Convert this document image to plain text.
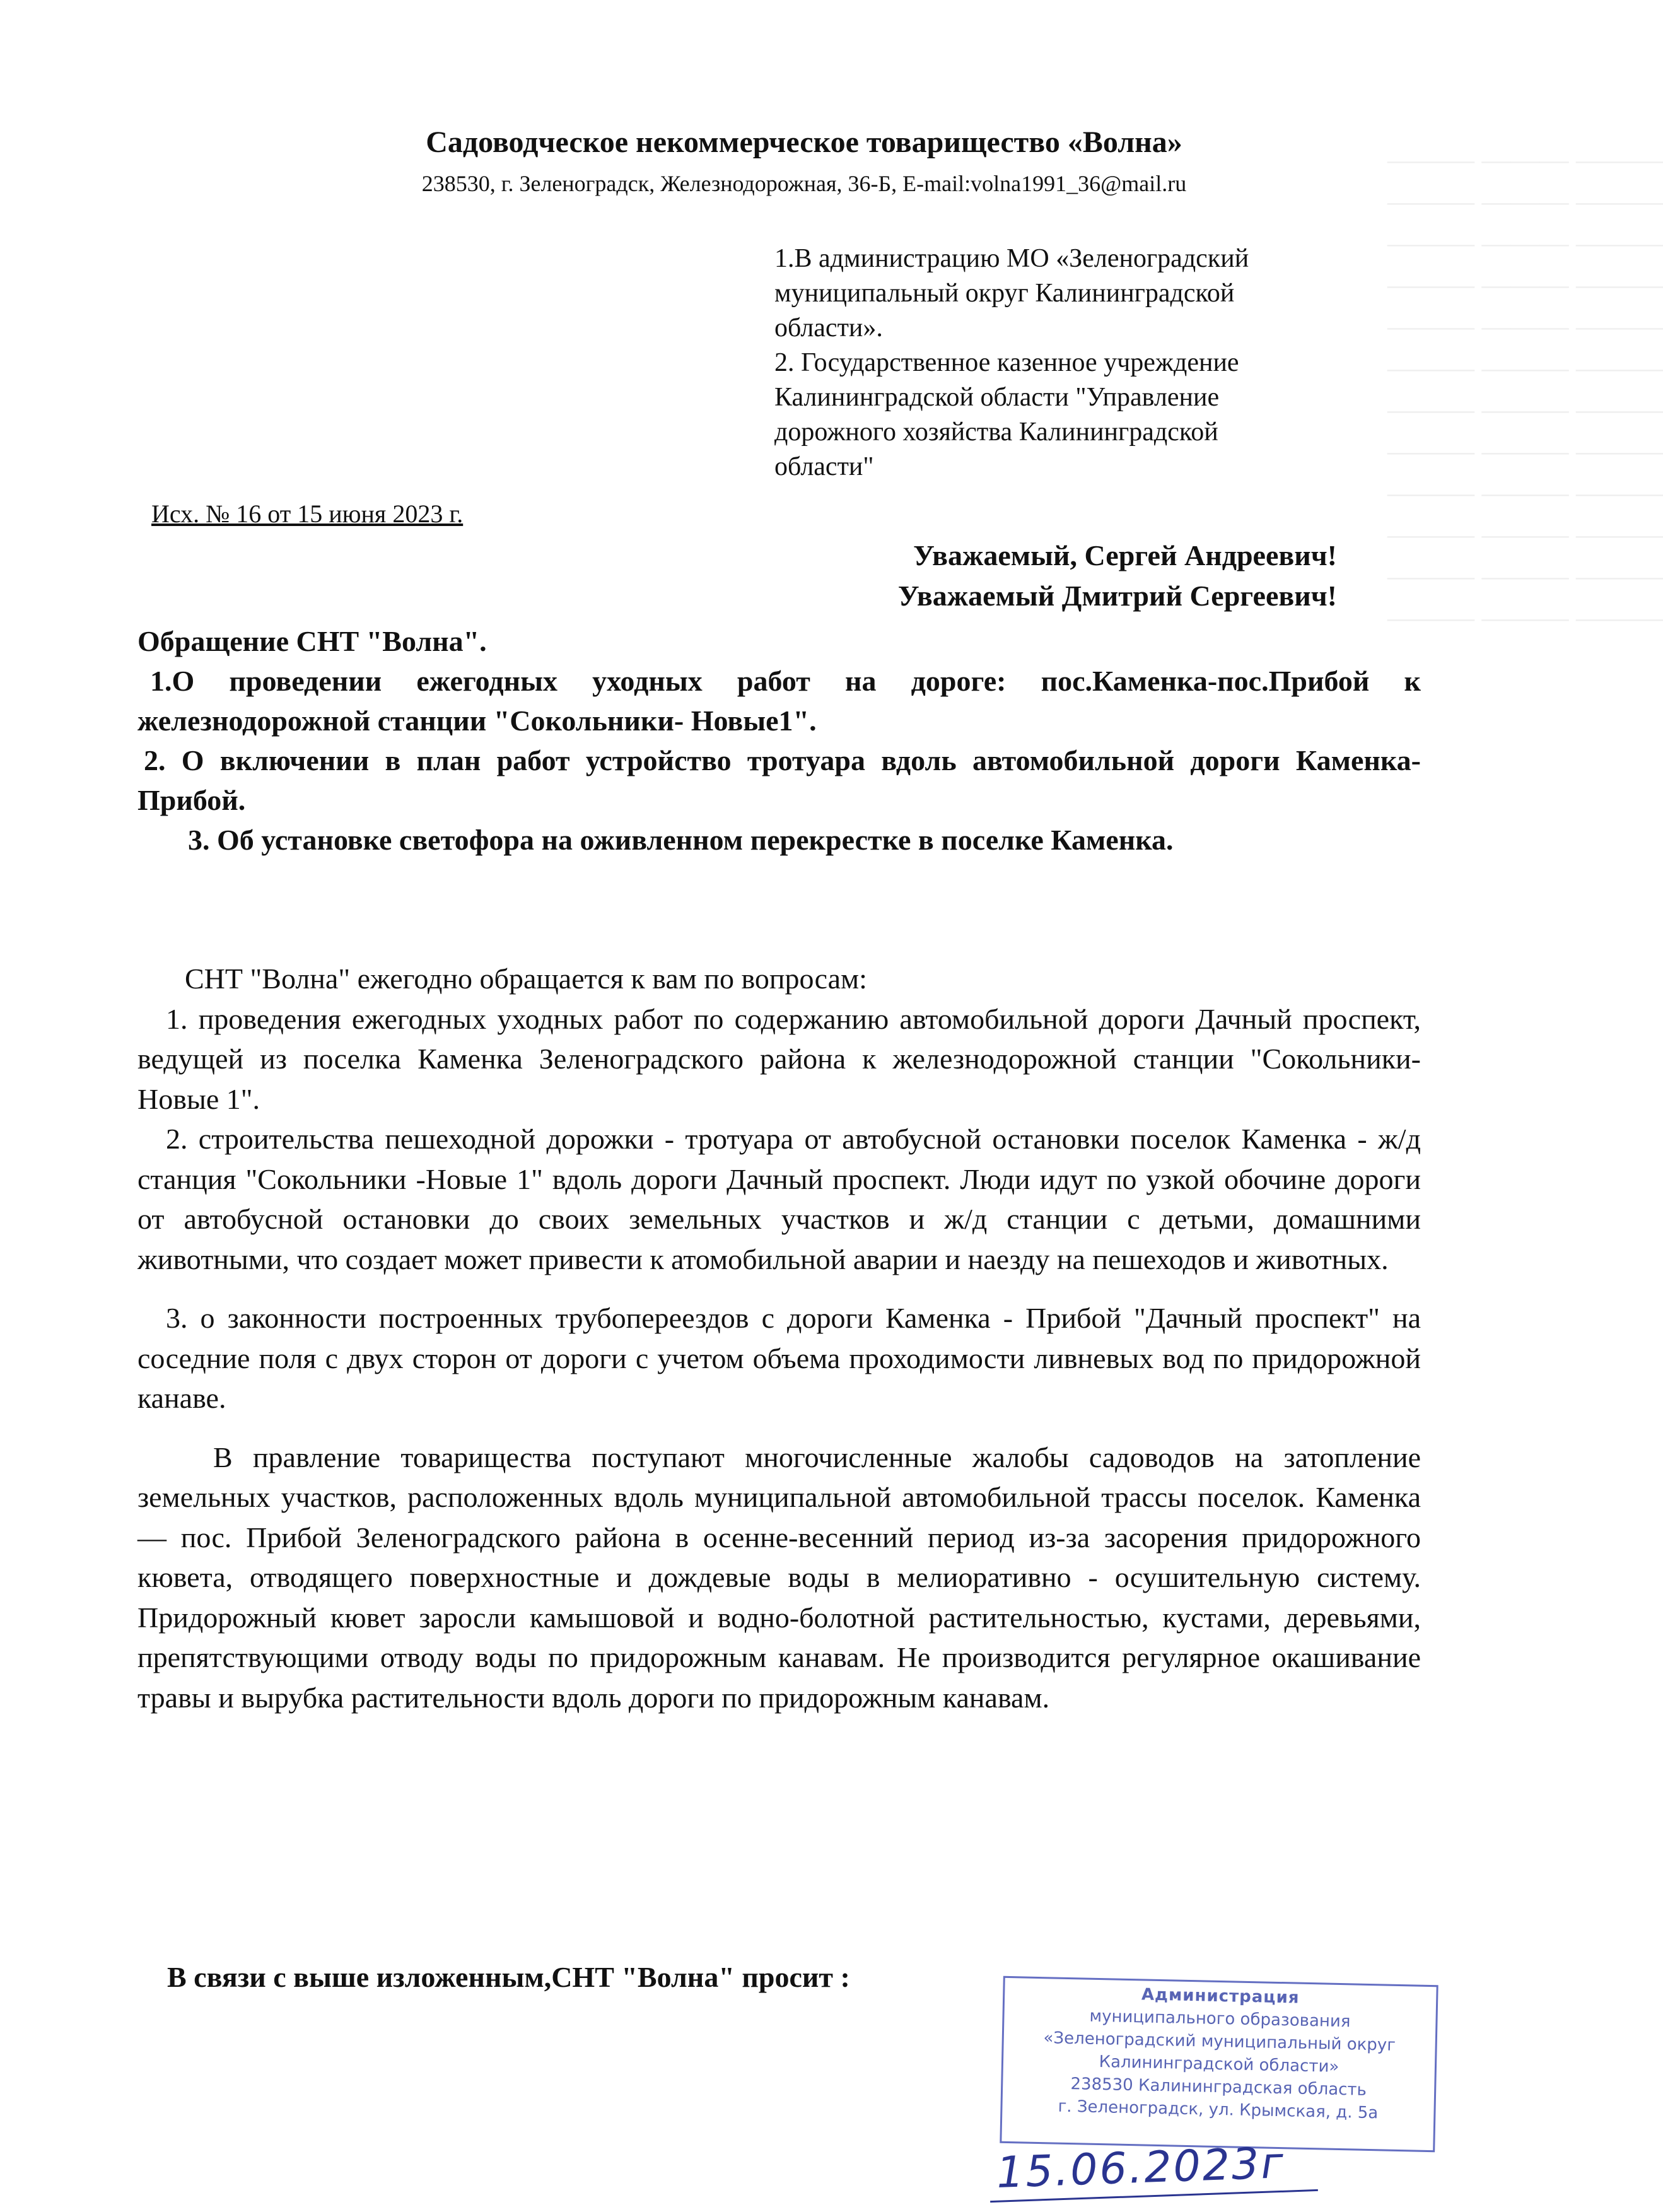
——— ——— ———
——— ——— ———
——— ——— ———
——— ——— ———
——— ——— ———
——— ——— ———
——— ——— ———
——— ——— ———
——— ——— ———
——— ——— ———
——— ——— ———
——— ——— ———
Садоводческое некоммерческое товарищество «Волна»
238530, г. Зеленоградск, Железнодорожная, 36-Б, E-mail:volna1991_36@mail.ru
1.В администрацию МО «Зеленоградский
муниципальный округ Калининградской
области».
2. Государственное казенное учреждение
Калининградской области "Управление
дорожного хозяйства Калининградской
области"
Исх. № 16 от 15 июня 2023 г.
Уважаемый, Сергей Андреевич!
Уважаемый Дмитрий Сергеевич!

Обращение СНТ "Волна".

1.О проведении ежегодных уходных работ на дороге: пос.Каменка-пос.Прибой к железнодорожной станции "Сокольники- Новые1".

2. О включении в план работ устройство тротуара вдоль автомобильной дороги Каменка- Прибой.

3. Об установке светофора на оживленном перекрестке в поселке Каменка.

СНТ "Волна" ежегодно обращается к вам по вопросам:

1. проведения ежегодных уходных работ по содержанию автомобильной дороги Дачный проспект, ведущей из поселка Каменка Зеленоградского района к железнодорожной станции "Сокольники- Новые 1".

2. строительства пешеходной дорожки - тротуара от автобусной остановки поселок Каменка - ж/д станция "Сокольники -Новые 1" вдоль дороги Дачный проспект. Люди идут по узкой обочине дороги от автобусной остановки до своих земельных участков и ж/д станции с детьми, домашними животными, что создает может привести к атомобильной аварии и наезду на пешеходов и животных.

3. о законности построенных трубопереездов с дороги Каменка - Прибой "Дачный проспект" на соседние поля с двух сторон от дороги с учетом объема проходимости ливневых вод по придорожной канаве.

В правление товарищества поступают многочисленные жалобы садоводов на затопление земельных участков, расположенных вдоль муниципальной автомобильной трассы поселок. Каменка — пос. Прибой Зеленоградского района в осенне-весенний период из-за засорения придорожного кювета, отводящего поверхностные и дождевые воды в мелиоративно - осушительную систему. Придорожный кювет заросли камышовой и водно-болотной растительностью, кустами, деревьями, препятствующими отводу воды по придорожным канавам. Не производится регулярное окашивание травы и вырубка растительности вдоль дороги по придорожным канавам.

В связи с выше изложенным,СНТ "Волна" просит :
Администрация
муниципального образования
«Зеленоградский муниципальный округ
Калининградской области»
238530 Калининградская область
г. Зеленоградск, ул. Крымская, д. 5а
15.06.2023г
